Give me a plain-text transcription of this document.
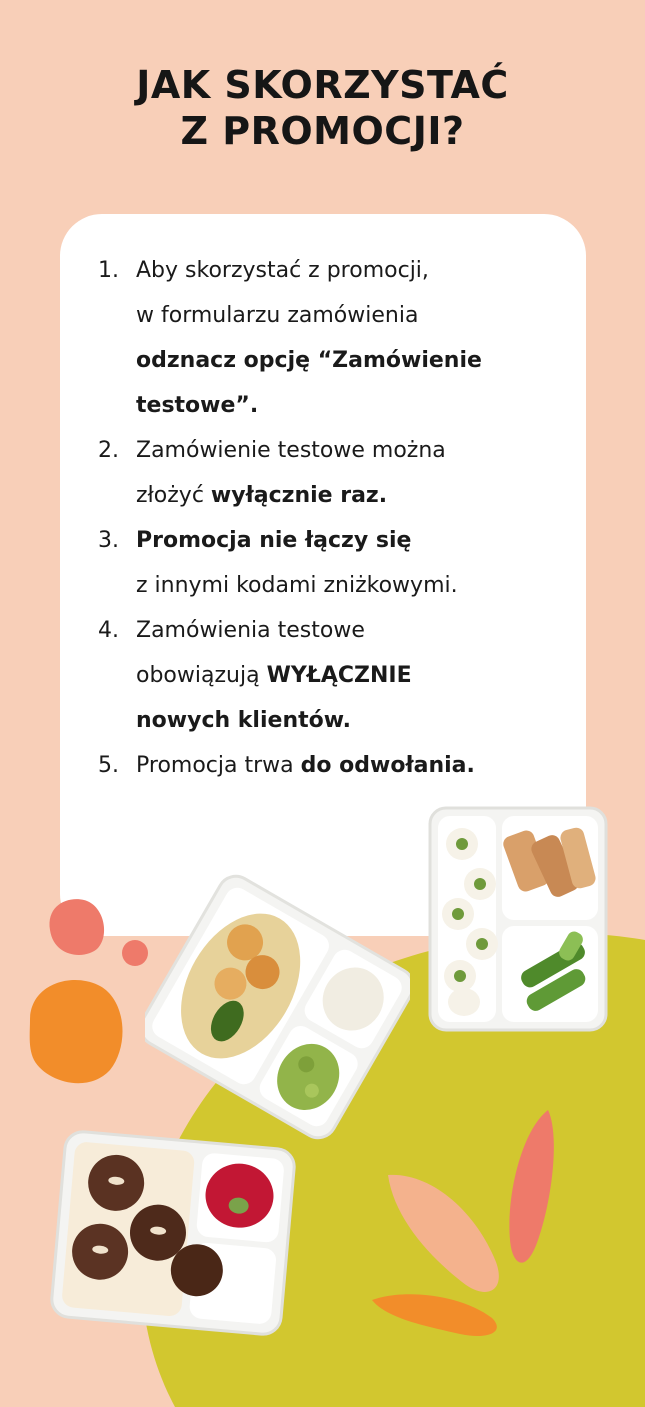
JAK SKORZYSTAĆ
Z PROMOCJI?
1. Aby skorzystać z promocji,
w formularzu zamówienia
odznacz opcję “Zamówienie
testowe”.
2. Zamówienie testowe można
złożyć wyłącznie raz.
3. Promocja nie łączy się
z innymi kodami zniżkowymi.
4. Zamówienia testowe
obowiązują WYŁĄCZNIE
nowych klientów.
5. Promocja trwa do odwołania.
